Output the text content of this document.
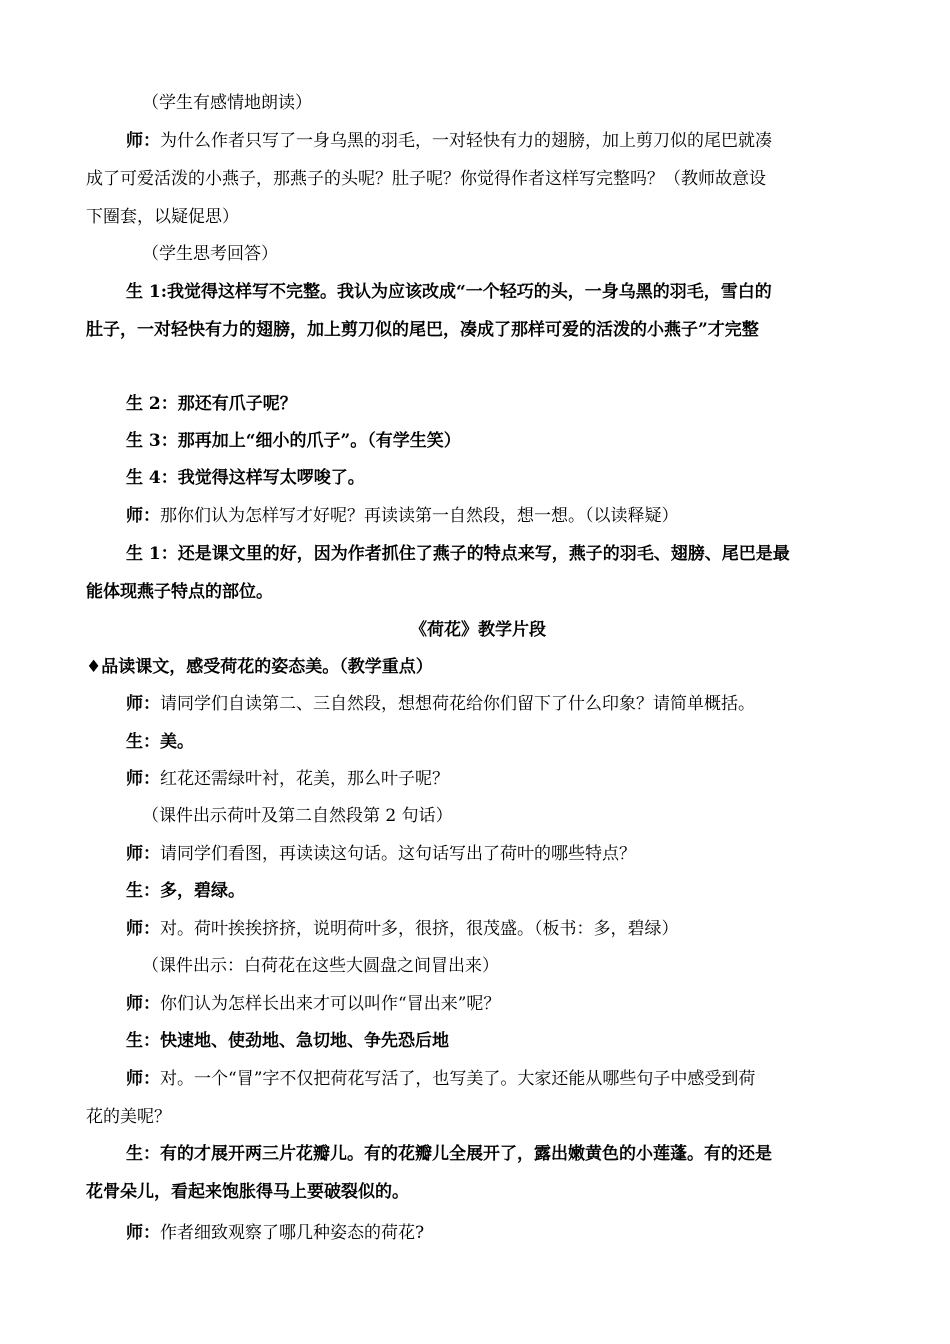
（学生有感情地朗读）
师：为什么作者只写了一身乌黑的羽毛，一对轻快有力的翅膀，加上剪刀似的尾巴就凑
成了可爱活泼的小燕子，那燕子的头呢？肚子呢？你觉得作者这样写完整吗？（教师故意设
下圈套，以疑促思）
（学生思考回答）
生 1:我觉得这样写不完整。我认为应该改成“一个轻巧的头，一身乌黑的羽毛，雪白的
肚子，一对轻快有力的翅膀，加上剪刀似的尾巴，凑成了那样可爱的活泼的小燕子”才完整
生 2：那还有爪子呢？
生 3：那再加上“细小的爪子”。（有学生笑）
生 4：我觉得这样写太啰唆了。
师：那你们认为怎样写才好呢？再读读第一自然段，想一想。（以读释疑）
生 1：还是课文里的好，因为作者抓住了燕子的特点来写，燕子的羽毛、翅膀、尾巴是最
能体现燕子特点的部位。
《荷花》教学片段
♦品读课文，感受荷花的姿态美。（教学重点）
师：请同学们自读第二、三自然段，想想荷花给你们留下了什么印象？请简单概括。
生：美。
师：红花还需绿叶衬，花美，那么叶子呢？
（课件出示荷叶及第二自然段第 2 句话）
师：请同学们看图，再读读这句话。这句话写出了荷叶的哪些特点？
生：多，碧绿。
师：对。荷叶挨挨挤挤，说明荷叶多，很挤，很茂盛。（板书：多，碧绿）
（课件出示：白荷花在这些大圆盘之间冒出来）
师：你们认为怎样长出来才可以叫作“冒出来”呢？
生：快速地、使劲地、急切地、争先恐后地
师：对。一个“冒”字不仅把荷花写活了，也写美了。大家还能从哪些句子中感受到荷
花的美呢？
生：有的才展开两三片花瓣儿。有的花瓣儿全展开了，露出嫩黄色的小莲蓬。有的还是
花骨朵儿，看起来饱胀得马上要破裂似的。
师：作者细致观察了哪几种姿态的荷花?
